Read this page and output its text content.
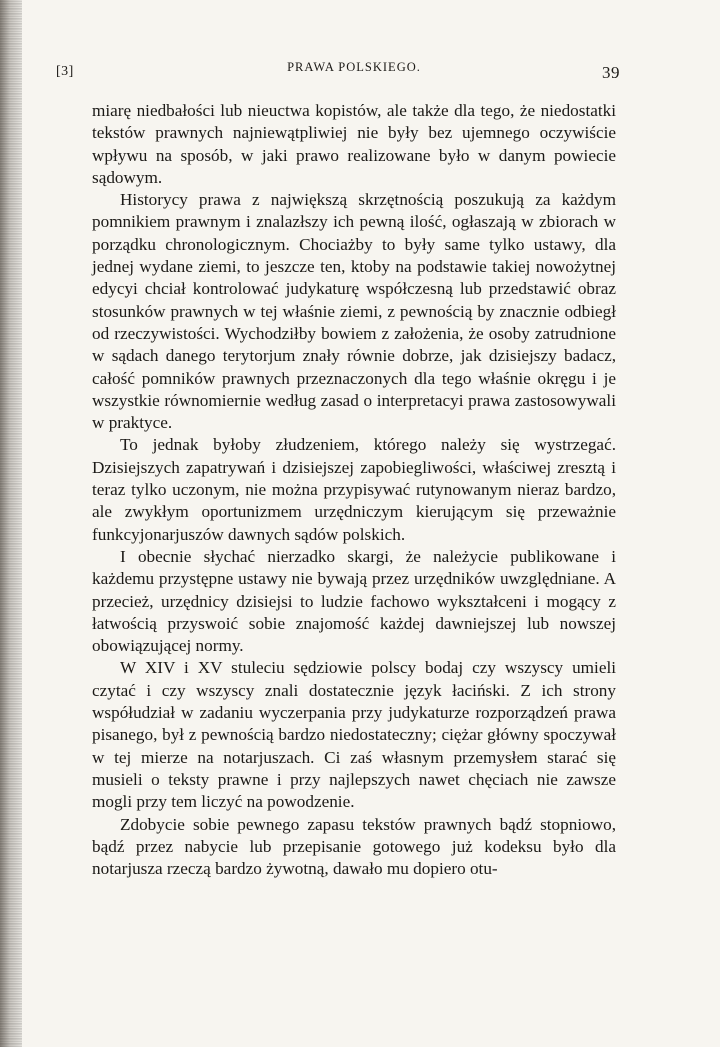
[3]	PRAWA POLSKIEGO.	39

miarę niedbałości lub nieuctwa kopistów, ale także dla tego, że niedostatki tekstów prawnych najniewątpliwiej nie były bez ujemnego oczywiście wpływu na sposób, w jaki prawo realizowane było w danym powiecie sądowym.

Historycy prawa z największą skrzętnością poszukują za każdym pomnikiem prawnym i znalazłszy ich pewną ilość, ogłaszają w zbiorach w porządku chronologicznym. Chociażby to były same tylko ustawy, dla jednej wydane ziemi, to jeszcze ten, ktoby na podstawie takiej nowożytnej edycyi chciał kontrolować judykaturę współczesną lub przedstawić obraz stosunków prawnych w tej właśnie ziemi, z pewnością by znacznie odbiegł od rzeczywistości. Wychodziłby bowiem z założenia, że osoby zatrudnione w sądach danego terytorjum znały równie dobrze, jak dzisiejszy badacz, całość pomników prawnych przeznaczonych dla tego właśnie okręgu i je wszystkie równomiernie według zasad o interpretacyi prawa zastosowywali w praktyce.

To jednak byłoby złudzeniem, którego należy się wystrzegać. Dzisiejszych zapatrywań i dzisiejszej zapobiegliwości, właściwej zresztą i teraz tylko uczonym, nie można przypisywać rutynowanym nieraz bardzo, ale zwykłym oportunizmem urzędniczym kierującym się przeważnie funkcyjonarjuszów dawnych sądów polskich.

I obecnie słychać nierzadko skargi, że należycie publikowane i każdemu przystępne ustawy nie bywają przez urzędników uwzględniane. A przecież, urzędnicy dzisiejsi to ludzie fachowo wykształceni i mogący z łatwością przyswoić sobie znajomość każdej dawniejszej lub nowszej obowiązującej normy.

W XIV i XV stuleciu sędziowie polscy bodaj czy wszyscy umieli czytać i czy wszyscy znali dostatecznie język łaciński. Z ich strony współudział w zadaniu wyczerpania przy judykaturze rozporządzeń prawa pisanego, był z pewnością bardzo niedostateczny; ciężar główny spoczywał w tej mierze na notarjuszach. Ci zaś własnym przemysłem starać się musieli o teksty prawne i przy najlepszych nawet chęciach nie zawsze mogli przy tem liczyć na powodzenie.

Zdobycie sobie pewnego zapasu tekstów prawnych bądź stopniowo, bądź przez nabycie lub przepisanie gotowego już kodeksu było dla notarjusza rzeczą bardzo żywotną, dawało mu dopiero otu-
